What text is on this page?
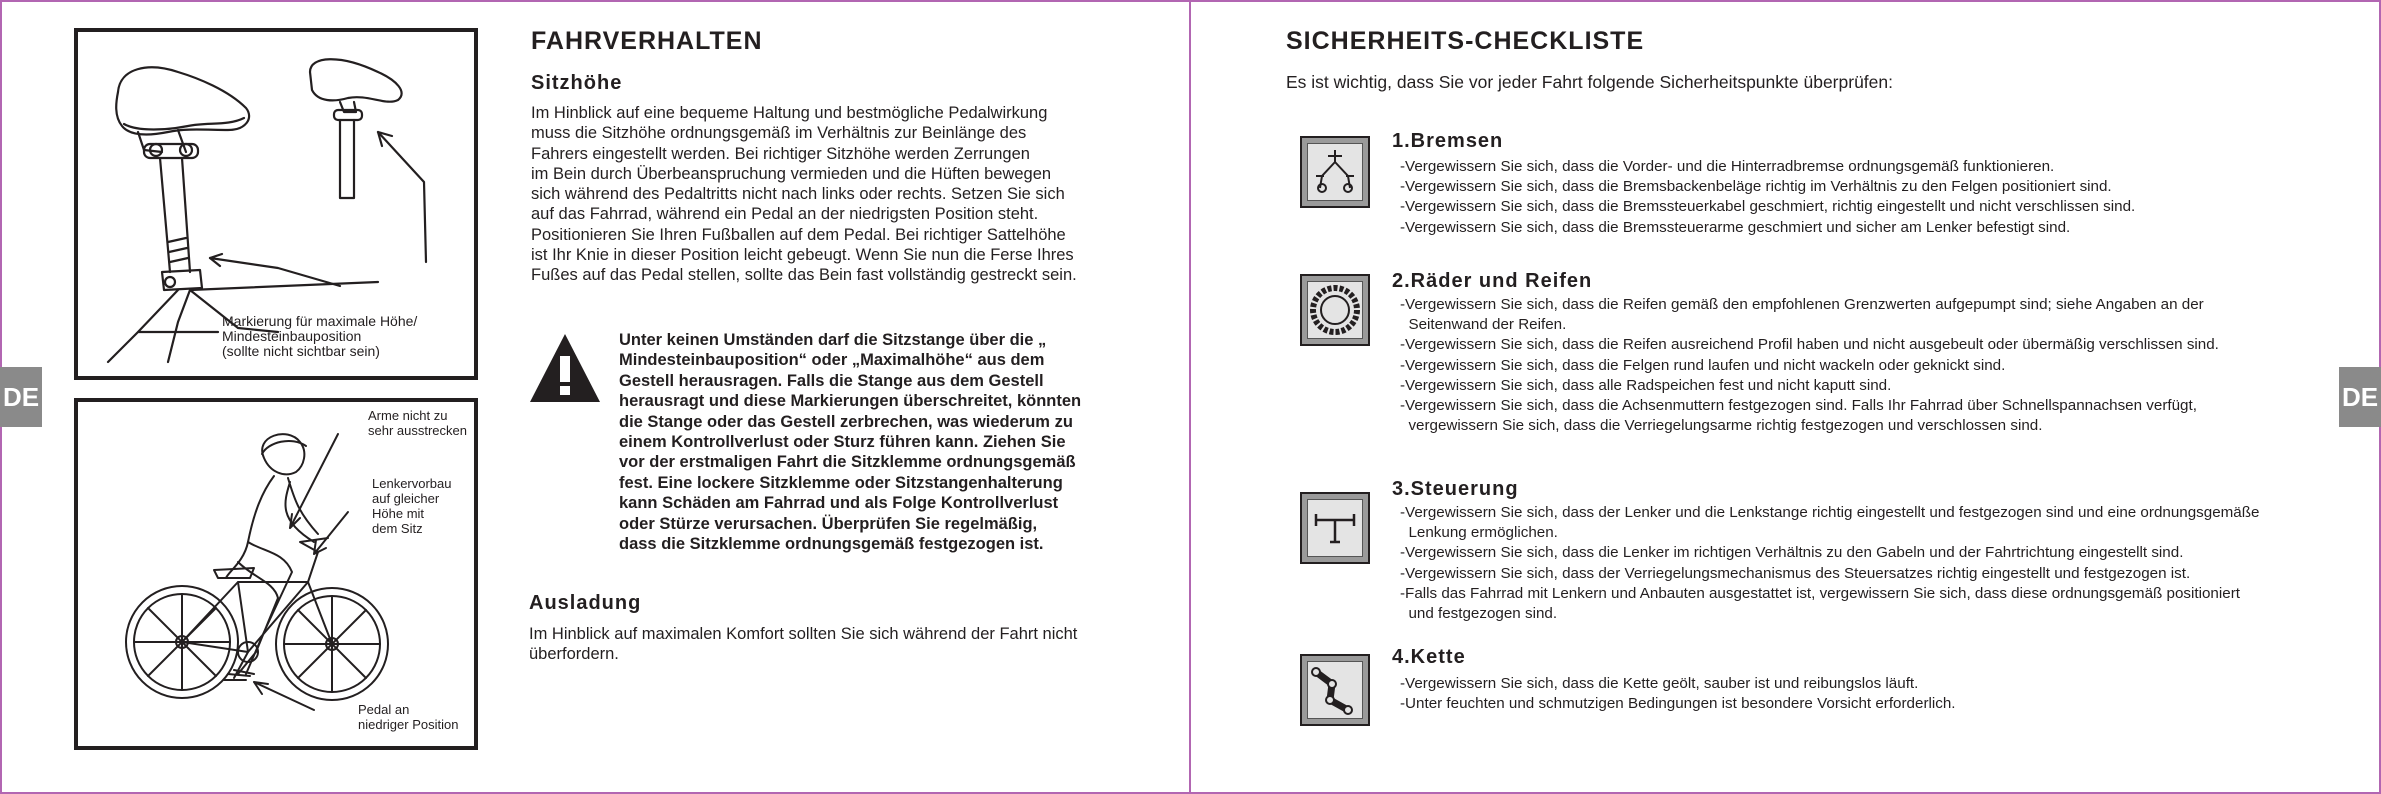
DE	DE
Markierung für maximale Höhe/
Mindesteinbauposition
(sollte nicht sichtbar sein)
Arme nicht zu
sehr ausstrecken
Lenkervorbau
auf gleicher
Höhe mit
dem Sitz
Pedal an
niedriger Position
FAHRVERHALTEN
Sitzhöhe
Im Hinblick auf eine bequeme Haltung und bestmögliche Pedalwirkung
muss die Sitzhöhe ordnungsgemäß im Verhältnis zur Beinlänge des
Fahrers eingestellt werden. Bei richtiger Sitzhöhe werden Zerrungen
im Bein durch Überbeanspruchung vermieden und die Hüften bewegen
sich während des Pedaltritts nicht nach links oder rechts. Setzen Sie sich
auf das Fahrrad, während ein Pedal an der niedrigsten Position steht.
Positionieren Sie Ihren Fußballen auf dem Pedal. Bei richtiger Sattelhöhe
ist Ihr Knie in dieser Position leicht gebeugt. Wenn Sie nun die Ferse Ihres
Fußes auf das Pedal stellen, sollte das Bein fast vollständig gestreckt sein.
Unter keinen Umständen darf die Sitzstange über die „
Mindesteinbauposition“ oder „Maximalhöhe“ aus dem
Gestell herausragen. Falls die Stange aus dem Gestell
herausragt und diese Markierungen überschreitet, könnten
die Stange oder das Gestell zerbrechen, was wiederum zu
einem Kontrollverlust oder Sturz führen kann. Ziehen Sie
vor der erstmaligen Fahrt die Sitzklemme ordnungsgemäß
fest. Eine lockere Sitzklemme oder Sitzstangenhalterung
kann Schäden am Fahrrad und als Folge Kontrollverlust
oder Stürze verursachen. Überprüfen Sie regelmäßig,
dass die Sitzklemme ordnungsgemäß festgezogen ist.
Ausladung
Im Hinblick auf maximalen Komfort sollten Sie sich während der Fahrt nicht
überfordern.
SICHERHEITS-CHECKLISTE
Es ist wichtig, dass Sie vor jeder Fahrt folgende Sicherheitspunkte überprüfen:
1.Bremsen
-Vergewissern Sie sich, dass die Vorder- und die Hinterradbremse ordnungsgemäß funktionieren.
-Vergewissern Sie sich, dass die Bremsbackenbeläge richtig im Verhältnis zu den Felgen positioniert sind.
-Vergewissern Sie sich, dass die Bremssteuerkabel geschmiert, richtig eingestellt und nicht verschlissen sind.
-Vergewissern Sie sich, dass die Bremssteuerarme geschmiert und sicher am Lenker befestigt sind.
2.Räder und Reifen
-Vergewissern Sie sich, dass die Reifen gemäß den empfohlenen Grenzwerten aufgepumpt sind; siehe Angaben an der
Seitenwand der Reifen.
-Vergewissern Sie sich, dass die Reifen ausreichend Profil haben und nicht ausgebeult oder übermäßig verschlissen sind.
-Vergewissern Sie sich, dass die Felgen rund laufen und nicht wackeln oder geknickt sind.
-Vergewissern Sie sich, dass alle Radspeichen fest und nicht kaputt sind.
-Vergewissern Sie sich, dass die Achsenmuttern festgezogen sind. Falls Ihr Fahrrad über Schnellspannachsen verfügt,
vergewissern Sie sich, dass die Verriegelungsarme richtig festgezogen und verschlossen sind.
3.Steuerung
-Vergewissern Sie sich, dass der Lenker und die Lenkstange richtig eingestellt und festgezogen sind und eine ordnungsgemäße
Lenkung ermöglichen.
-Vergewissern Sie sich, dass die Lenker im richtigen Verhältnis zu den Gabeln und der Fahrtrichtung eingestellt sind.
-Vergewissern Sie sich, dass der Verriegelungsmechanismus des Steuersatzes richtig eingestellt und festgezogen ist.
-Falls das Fahrrad mit Lenkern und Anbauten ausgestattet ist, vergewissern Sie sich, dass diese ordnungsgemäß positioniert
und festgezogen sind.
4.Kette
-Vergewissern Sie sich, dass die Kette geölt, sauber ist und reibungslos läuft.
-Unter feuchten und schmutzigen Bedingungen ist besondere Vorsicht erforderlich.
